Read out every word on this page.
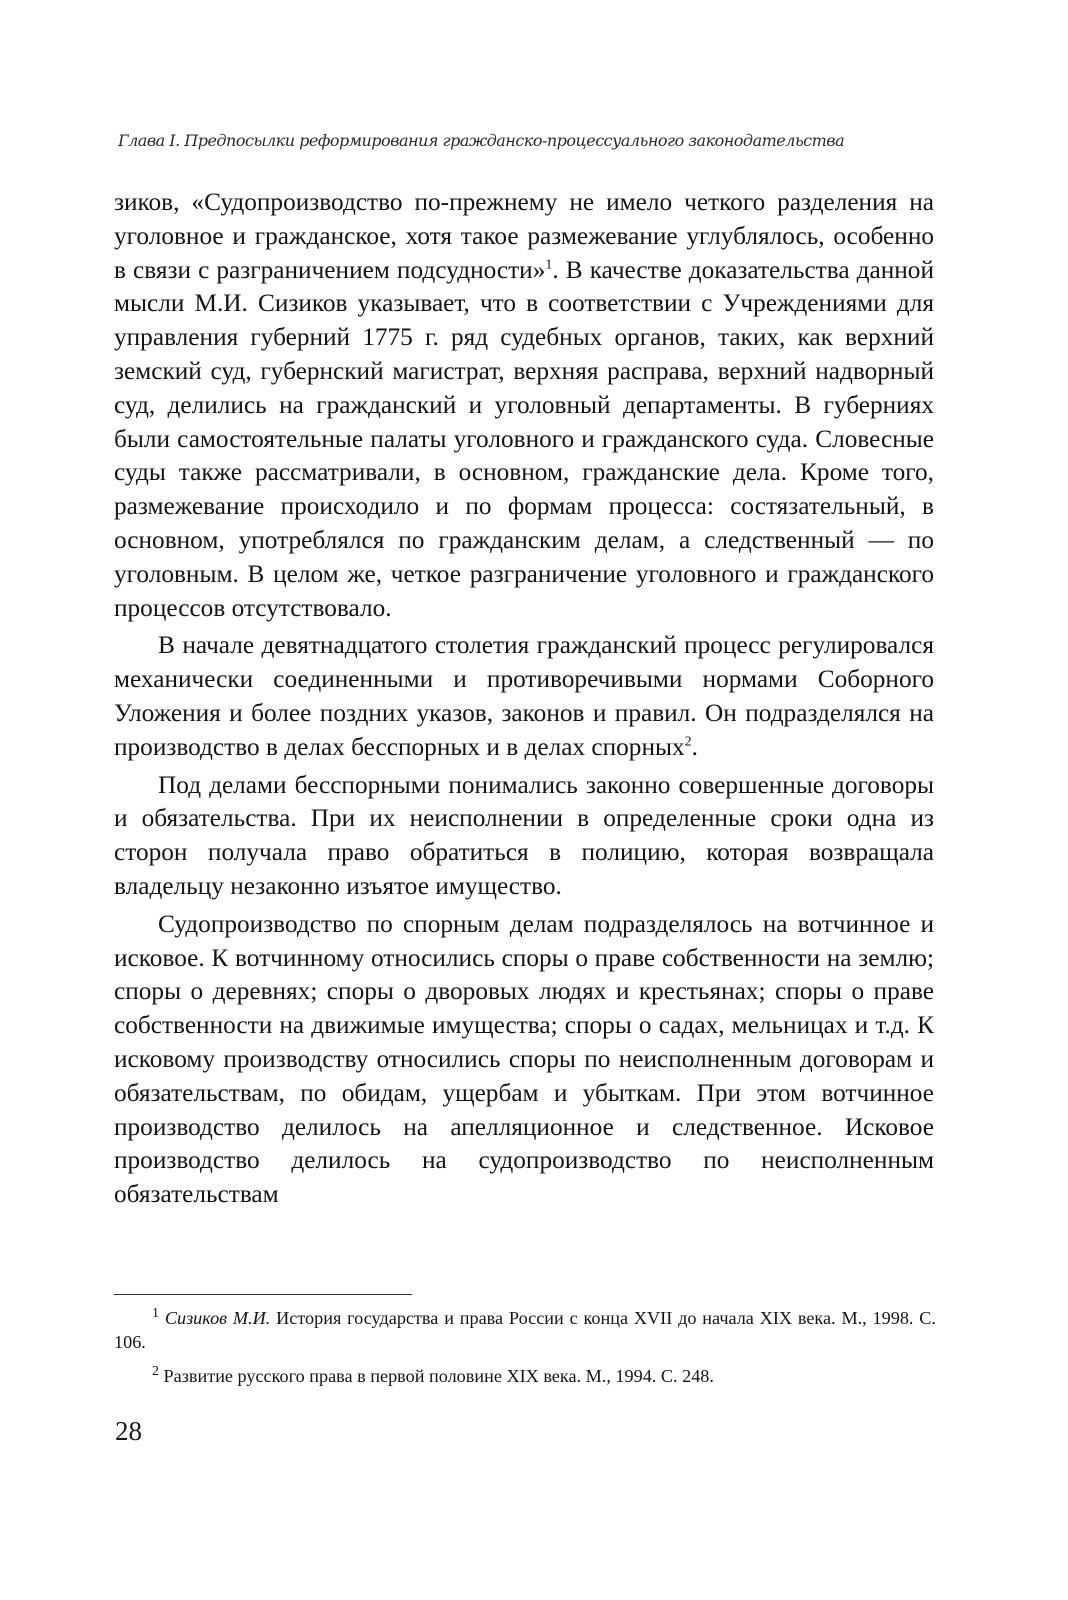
Глава I. Предпосылки реформирования гражданско-процессуального законодательства

зиков, «Судопроизводство по-прежнему не имело четкого разделения на уголовное и гражданское, хотя такое размежевание углублялось, особенно в связи с разграничением подсудности»$^1$. В качестве доказательства данной мысли М.И. Сизиков указывает, что в соответствии с Учреждениями для управления губерний 1775 г. ряд судебных органов, таких, как верхний земский суд, губернский магистрат, верхняя расправа, верхний надворный суд, делились на гражданский и уголовный департаменты. В губерниях были самостоятельные палаты уголовного и гражданского суда. Словесные суды также рассматривали, в основном, гражданские дела. Кроме того, размежевание происходило и по формам процесса: состязательный, в основном, употреблялся по гражданским делам, а следственный — по уголовным. В целом же, четкое разграничение уголовного и гражданского процессов отсутствовало.

В начале девятнадцатого столетия гражданский процесс регулировался механически соединенными и противоречивыми нормами Соборного Уложения и более поздних указов, законов и правил. Он подразделялся на производство в делах бесспорных и в делах спорных$^2$.

Под делами бесспорными понимались законно совершенные договоры и обязательства. При их неисполнении в определенные сроки одна из сторон получала право обратиться в полицию, которая возвращала владельцу незаконно изъятое имущество.

Судопроизводство по спорным делам подразделялось на вотчинное и исковое. К вотчинному относились споры о праве собственности на землю; споры о деревнях; споры о дворовых людях и крестьянах; споры о праве собственности на движимые имущества; споры о садах, мельницах и т.д. К исковому производству относились споры по неисполненным договорам и обязательствам, по обидам, ущербам и убыткам. При этом вотчинное производство делилось на апелляционное и следственное. Исковое производство делилось на судопроизводство по неисполненным обязательствам

$^1$ Сизиков М.И. История государства и права России с конца XVII до начала XIX века. М., 1998. С. 106.

$^2$ Развитие русского права в первой половине XIX века. М., 1994. С. 248.

28
